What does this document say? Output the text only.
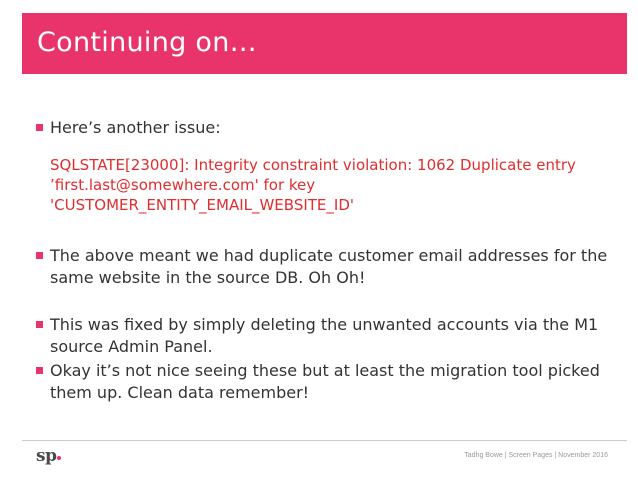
Continuing on…
Here’s another issue:
SQLSTATE[23000]: Integrity constraint violation: 1062 Duplicate entry
’first.last@somewhere.com' for key
'CUSTOMER_ENTITY_EMAIL_WEBSITE_ID'
The above meant we had duplicate customer email addresses for the
same website in the source DB. Oh Oh!
This was fixed by simply deleting the unwanted accounts via the M1
source Admin Panel.
Okay it’s not nice seeing these but at least the migration tool picked
them up. Clean data remember!
sp	Tadhg Bowe | Screen Pages | November 2016
